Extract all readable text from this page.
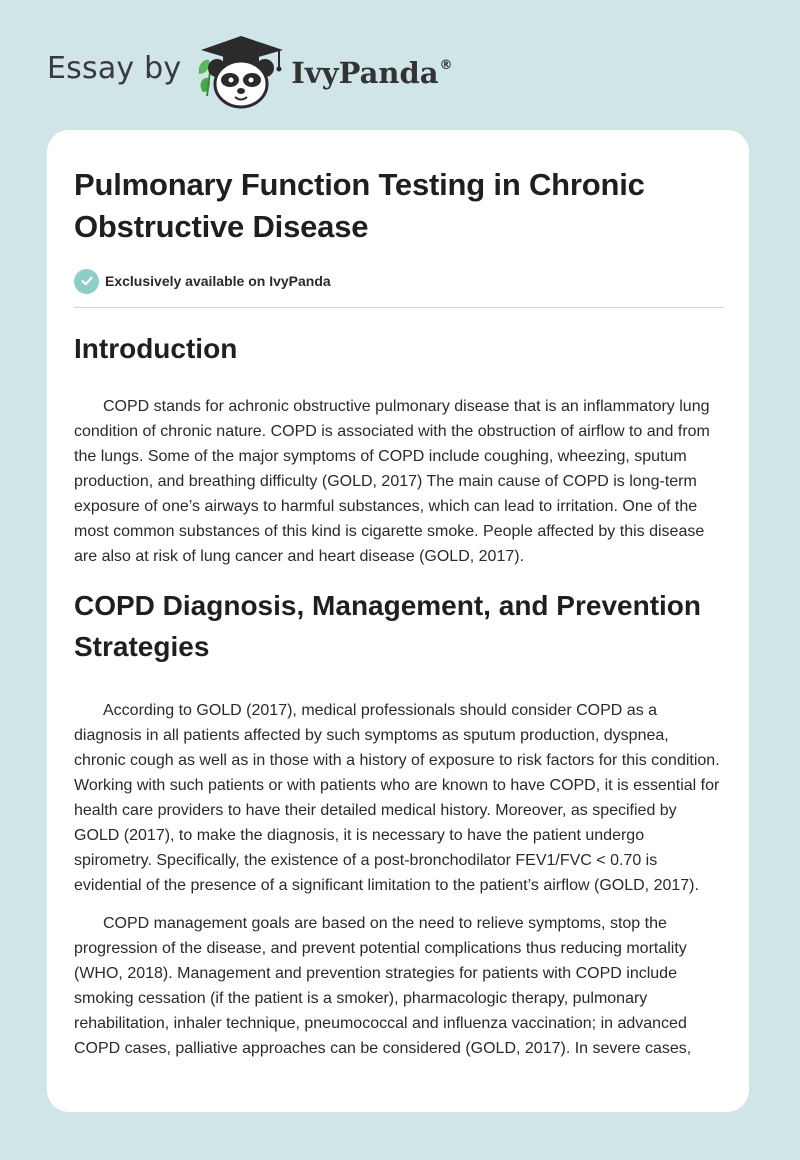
Essay by	IvyPanda®
Pulmonary Function Testing in Chronic Obstructive Disease
Exclusively available on IvyPanda
Introduction

COPD stands for achronic obstructive pulmonary disease that is an inflammatory lung condition of chronic nature. COPD is associated with the obstruction of airflow to and from the lungs. Some of the major symptoms of COPD include coughing, wheezing, sputum production, and breathing difficulty (GOLD, 2017) The main cause of COPD is long-term exposure of one’s airways to harmful substances, which can lead to irritation. One of the most common substances of this kind is cigarette smoke. People affected by this disease are also at risk of lung cancer and heart disease (GOLD, 2017).

COPD Diagnosis, Management, and Prevention Strategies

According to GOLD (2017), medical professionals should consider COPD as a diagnosis in all patients affected by such symptoms as sputum production, dyspnea, chronic cough as well as in those with a history of exposure to risk factors for this condition. Working with such patients or with patients who are known to have COPD, it is essential for health care providers to have their detailed medical history. Moreover, as specified by GOLD (2017), to make the diagnosis, it is necessary to have the patient undergo spirometry. Specifically, the existence of a post-bronchodilator FEV1/FVC < 0.70 is evidential of the presence of a significant limitation to the patient’s airflow (GOLD, 2017).

COPD management goals are based on the need to relieve symptoms, stop the progression of the disease, and prevent potential complications thus reducing mortality (WHO, 2018). Management and prevention strategies for patients with COPD include smoking cessation (if the patient is a smoker), pharmacologic therapy, pulmonary rehabilitation, inhaler technique, pneumococcal and influenza vaccination; in advanced COPD cases, palliative approaches can be considered (GOLD, 2017). In severe cases,
